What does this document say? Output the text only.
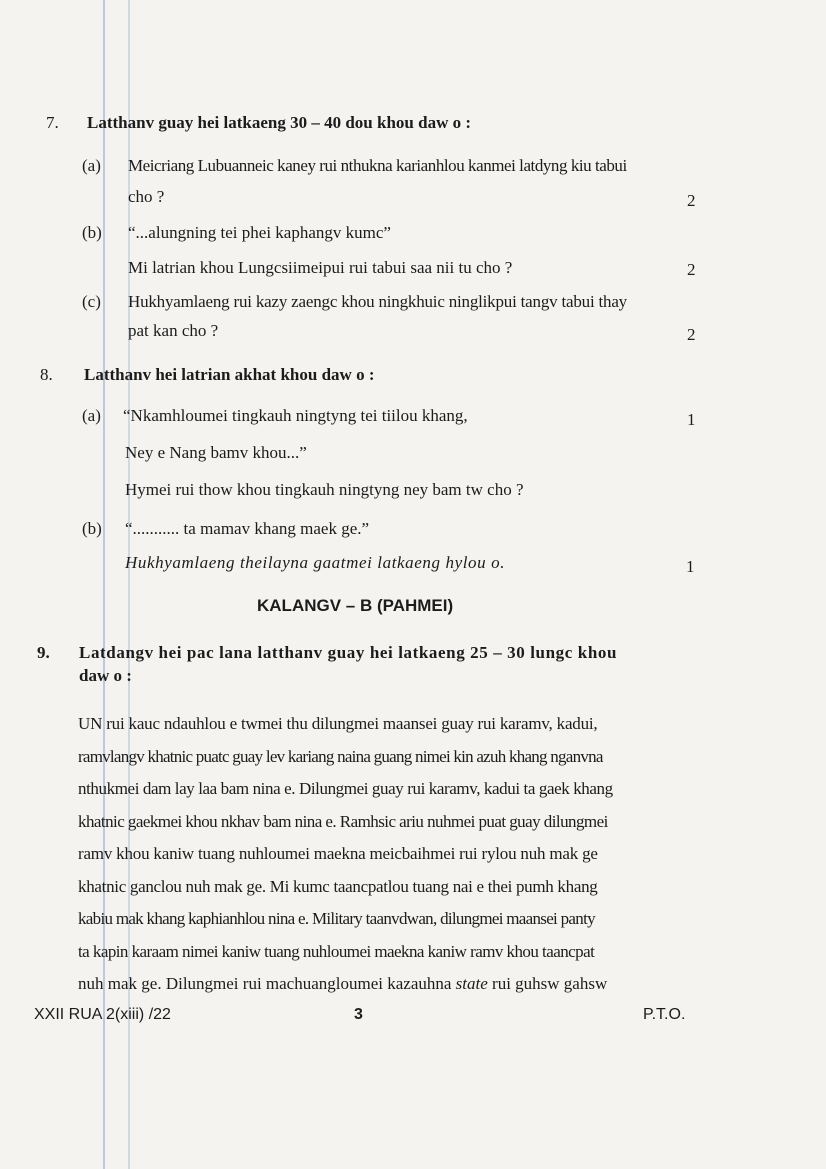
7. Latthanv guay hei latkaeng 30 – 40 dou khou daw o :
(a) Meicriang Lubuanneic kaney rui nthukna karianhlou kanmei latdyng kiu tabui
cho ?	2
(b) “...alungning tei phei kaphangv kumc”
Mi latrian khou Lungcsiimeipui rui tabui saa nii tu cho ?	2
(c) Hukhyamlaeng rui kazy zaengc khou ningkhuic ninglikpui tangv tabui thay
pat kan cho ?	2
8. Latthanv hei latrian akhat khou daw o :
(a) “Nkamhloumei tingkauh ningtyng tei tiilou khang,	1
Ney e Nang bamv khou...”
Hymei rui thow khou tingkauh ningtyng ney bam tw cho ?
(b) “........... ta mamav khang maek ge.”
Hukhyamlaeng theilayna gaatmei latkaeng hylou o.	1
KALANGV – B (PAHMEI)
9. Latdangv hei pac lana latthanv guay hei latkaeng 25 – 30 lungc khou
daw o :
UN rui kauc ndauhlou e twmei thu dilungmei maansei guay rui karamv, kadui,
ramvlangv khatnic puatc guay lev kariang naina guang nimei kin azuh khang nganvna
nthukmei dam lay laa bam nina e. Dilungmei guay rui karamv, kadui ta gaek khang
khatnic gaekmei khou nkhav bam nina e. Ramhsic ariu nuhmei puat guay dilungmei
ramv khou kaniw tuang nuhloumei maekna meicbaihmei rui rylou nuh mak ge
khatnic ganclou nuh mak ge. Mi kumc taancpatlou tuang nai e thei pumh khang
kabiu mak khang kaphianhlou nina e. Military taanvdwan, dilungmei maansei panty
ta kapin karaam nimei kaniw tuang nuhloumei maekna kaniw ramv khou taancpat
nuh mak ge. Dilungmei rui machuangloumei kazauhna state rui guhsw gahsw
XXII RUA 2(xiii) /22	3	P.T.O.
